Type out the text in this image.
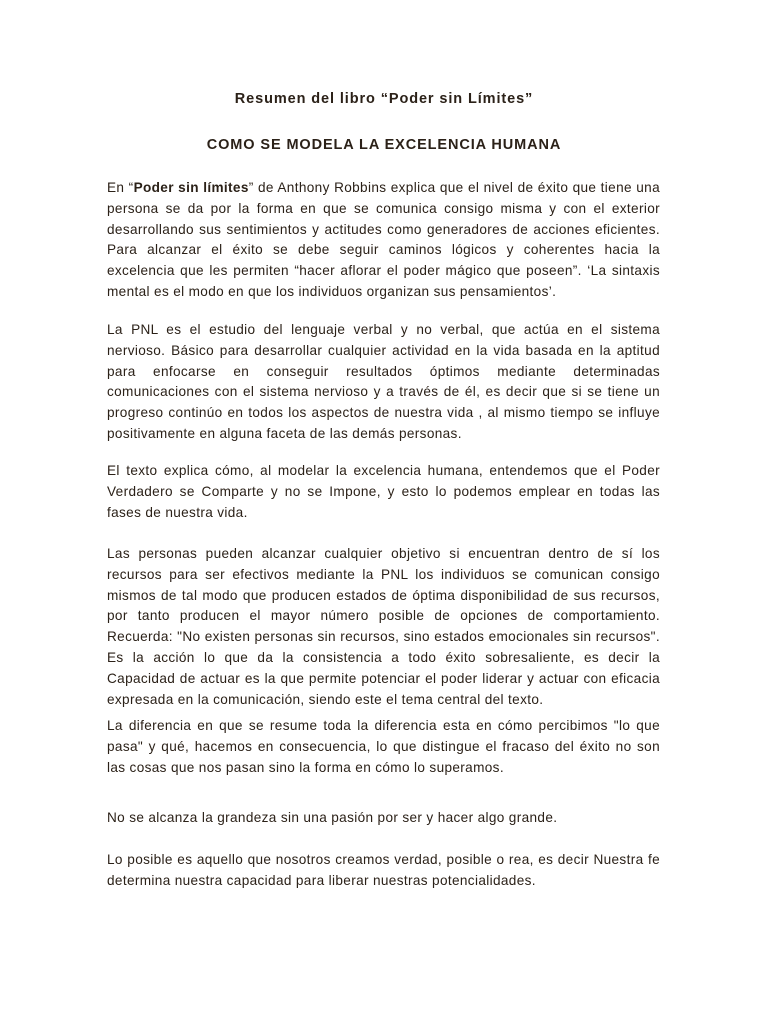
Resumen del libro “Poder sin Límites”
COMO SE MODELA LA EXCELENCIA HUMANA

En “Poder sin límites” de Anthony Robbins explica que el nivel de éxito que tiene una persona se da por la forma en que se comunica consigo misma y con el exterior desarrollando sus sentimientos y actitudes como generadores de acciones eficientes. Para alcanzar el éxito se debe seguir caminos lógicos y coherentes hacia la excelencia que les permiten “hacer aflorar el poder mágico que poseen”. ‘La sintaxis mental es el modo en que los individuos organizan sus pensamientos’.

La PNL es el estudio del lenguaje verbal y no verbal, que actúa en el sistema nervioso. Básico para desarrollar cualquier actividad en la vida basada en la aptitud para enfocarse en conseguir resultados óptimos mediante determinadas comunicaciones con el sistema nervioso y a través de él, es decir que si se tiene un progreso continúo en todos los aspectos de nuestra vida , al mismo tiempo se influye positivamente en alguna faceta de las demás personas.

El texto explica cómo, al modelar la excelencia humana, entendemos que el Poder Verdadero se Comparte y no se Impone, y esto lo podemos emplear en todas las fases de nuestra vida.

Las personas pueden alcanzar cualquier objetivo si encuentran dentro de sí los recursos para ser efectivos mediante la PNL los individuos se comunican consigo mismos de tal modo que producen estados de óptima disponibilidad de sus recursos, por tanto producen el mayor número posible de opciones de comportamiento. Recuerda: "No existen personas sin recursos, sino estados emocionales sin recursos". Es la acción lo que da la consistencia a todo éxito sobresaliente, es decir la Capacidad de actuar es la que permite potenciar el poder liderar y actuar con eficacia expresada en la comunicación, siendo este el tema central del texto.

La diferencia en que se resume toda la diferencia esta en cómo percibimos "lo que pasa" y qué, hacemos en consecuencia, lo que distingue el fracaso del éxito no son las cosas que nos pasan sino la forma en cómo lo superamos.

No se alcanza la grandeza sin una pasión por ser y hacer algo grande.

Lo posible es aquello que nosotros creamos verdad, posible o rea, es decir Nuestra fe determina nuestra capacidad para liberar nuestras potencialidades.
